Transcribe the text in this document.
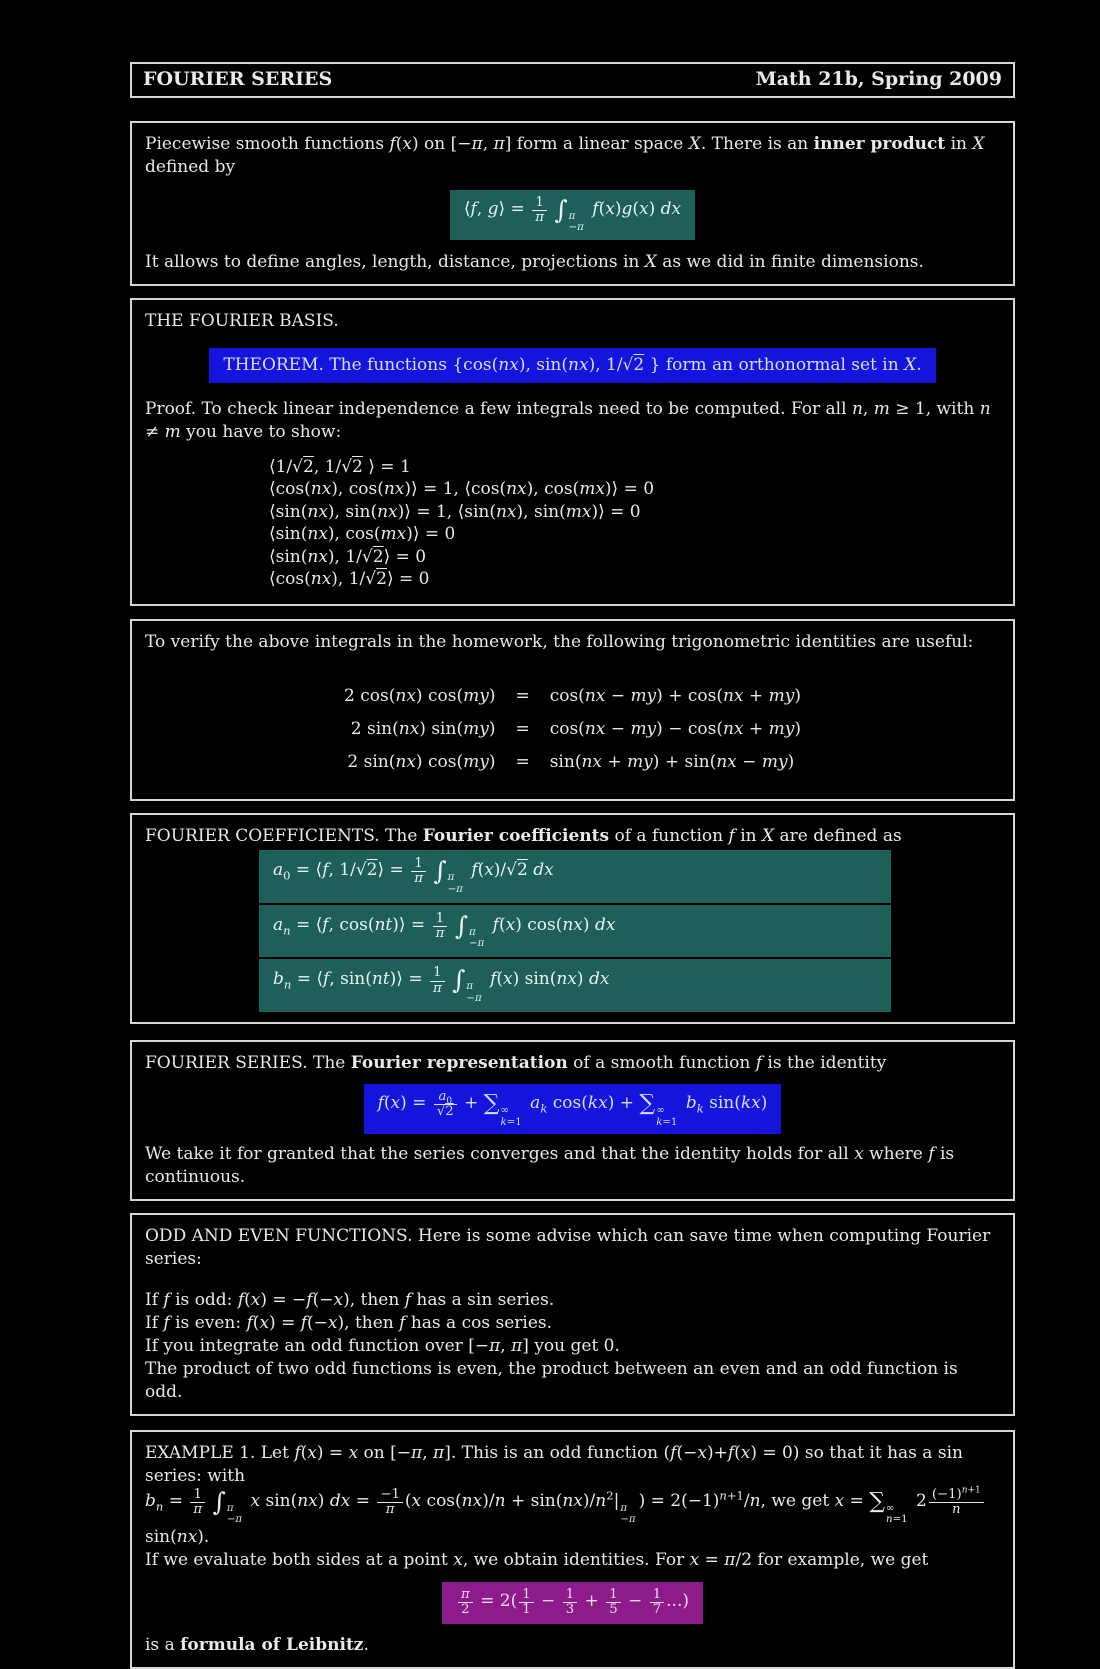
FOURIER SERIES	Math 21b, Spring 2009
Piecewise smooth functions f(x) on [−π, π] form a linear space X. There is an inner product in X defined by
⟨f, g⟩ = $\frac{1}{\pi}$ ∫ π
−π
f(x)g(x) dx
It allows to define angles, length, distance, projections in X as we did in finite dimensions.
THE FOURIER BASIS.
THEOREM. The functions {cos(nx), sin(nx), 1/√2 } form an orthonormal set in X.
Proof. To check linear independence a few integrals need to be computed. For all n, m ≥ 1, with n ≠ m you have to show:
⟨1/√2, 1/√2 ⟩ = 1
⟨cos(nx), cos(nx)⟩ = 1, ⟨cos(nx), cos(mx)⟩ = 0
⟨sin(nx), sin(nx)⟩ = 1, ⟨sin(nx), sin(mx)⟩ = 0
⟨sin(nx), cos(mx)⟩ = 0
⟨sin(nx), 1/√2⟩ = 0
⟨cos(nx), 1/√2⟩ = 0
To verify the above integrals in the homework, the following trigonometric identities are useful:
2 cos(nx) cos(my)	=	cos(nx − my) + cos(nx + my)
2 sin(nx) sin(my)	=	cos(nx − my) − cos(nx + my)
2 sin(nx) cos(my)	=	sin(nx + my) + sin(nx − my)
FOURIER COEFFICIENTS. The Fourier coefficients of a function f in X are defined as
$a_0$ = ⟨f, 1/√2⟩ = $\frac{1}{\pi}$ ∫ π
−π
f(x)/√2 dx
$a_n$ = ⟨f, cos(nt)⟩ = $\frac{1}{\pi}$ ∫ π
−π
f(x) cos(nx) dx
$b_n$ = ⟨f, sin(nt)⟩ = $\frac{1}{\pi}$ ∫ π
−π
f(x) sin(nx) dx
FOURIER SERIES. The Fourier representation of a smooth function f is the identity
$f(x) = \frac{a_0}{√2}$ + ∑ ∞
k=1
$a_k$ cos(kx) + ∑ ∞
k=1
$b_k$ sin(kx)
We take it for granted that the series converges and that the identity holds for all x where f is continuous.
ODD AND EVEN FUNCTIONS. Here is some advise which can save time when computing Fourier series:
If f is odd: f(x) = −f(−x), then f has a sin series.
If f is even: f(x) = f(−x), then f has a cos series.
If you integrate an odd function over [−π, π] you get 0.
The product of two odd functions is even, the product between an even and an odd function is odd.
EXAMPLE 1. Let f(x) = x on [−π, π]. This is an odd function (f(−x)+f(x) = 0) so that it has a sin series: with
$b_n = \frac{1}{\pi}$ ∫ π
−π
x sin(nx) dx = $\frac{-1}{\pi} (x$ $\cos(nx)/n + \sin(nx)/n^2|$ π
−π
) = $2(-1)^{n+1}/n$, we get x = ∑ ∞
n=1
$2 \frac{(-1)^{n+1}}{n}$
sin(nx).
If we evaluate both sides at a point x, we obtain identities. For x = π/2 for example, we get
$\frac{\pi}{2} = 2( \frac{1}{1} - \frac{1}{3} + \frac{1}{5} - \frac{1}{7}$ ...)
is a formula of Leibnitz.
